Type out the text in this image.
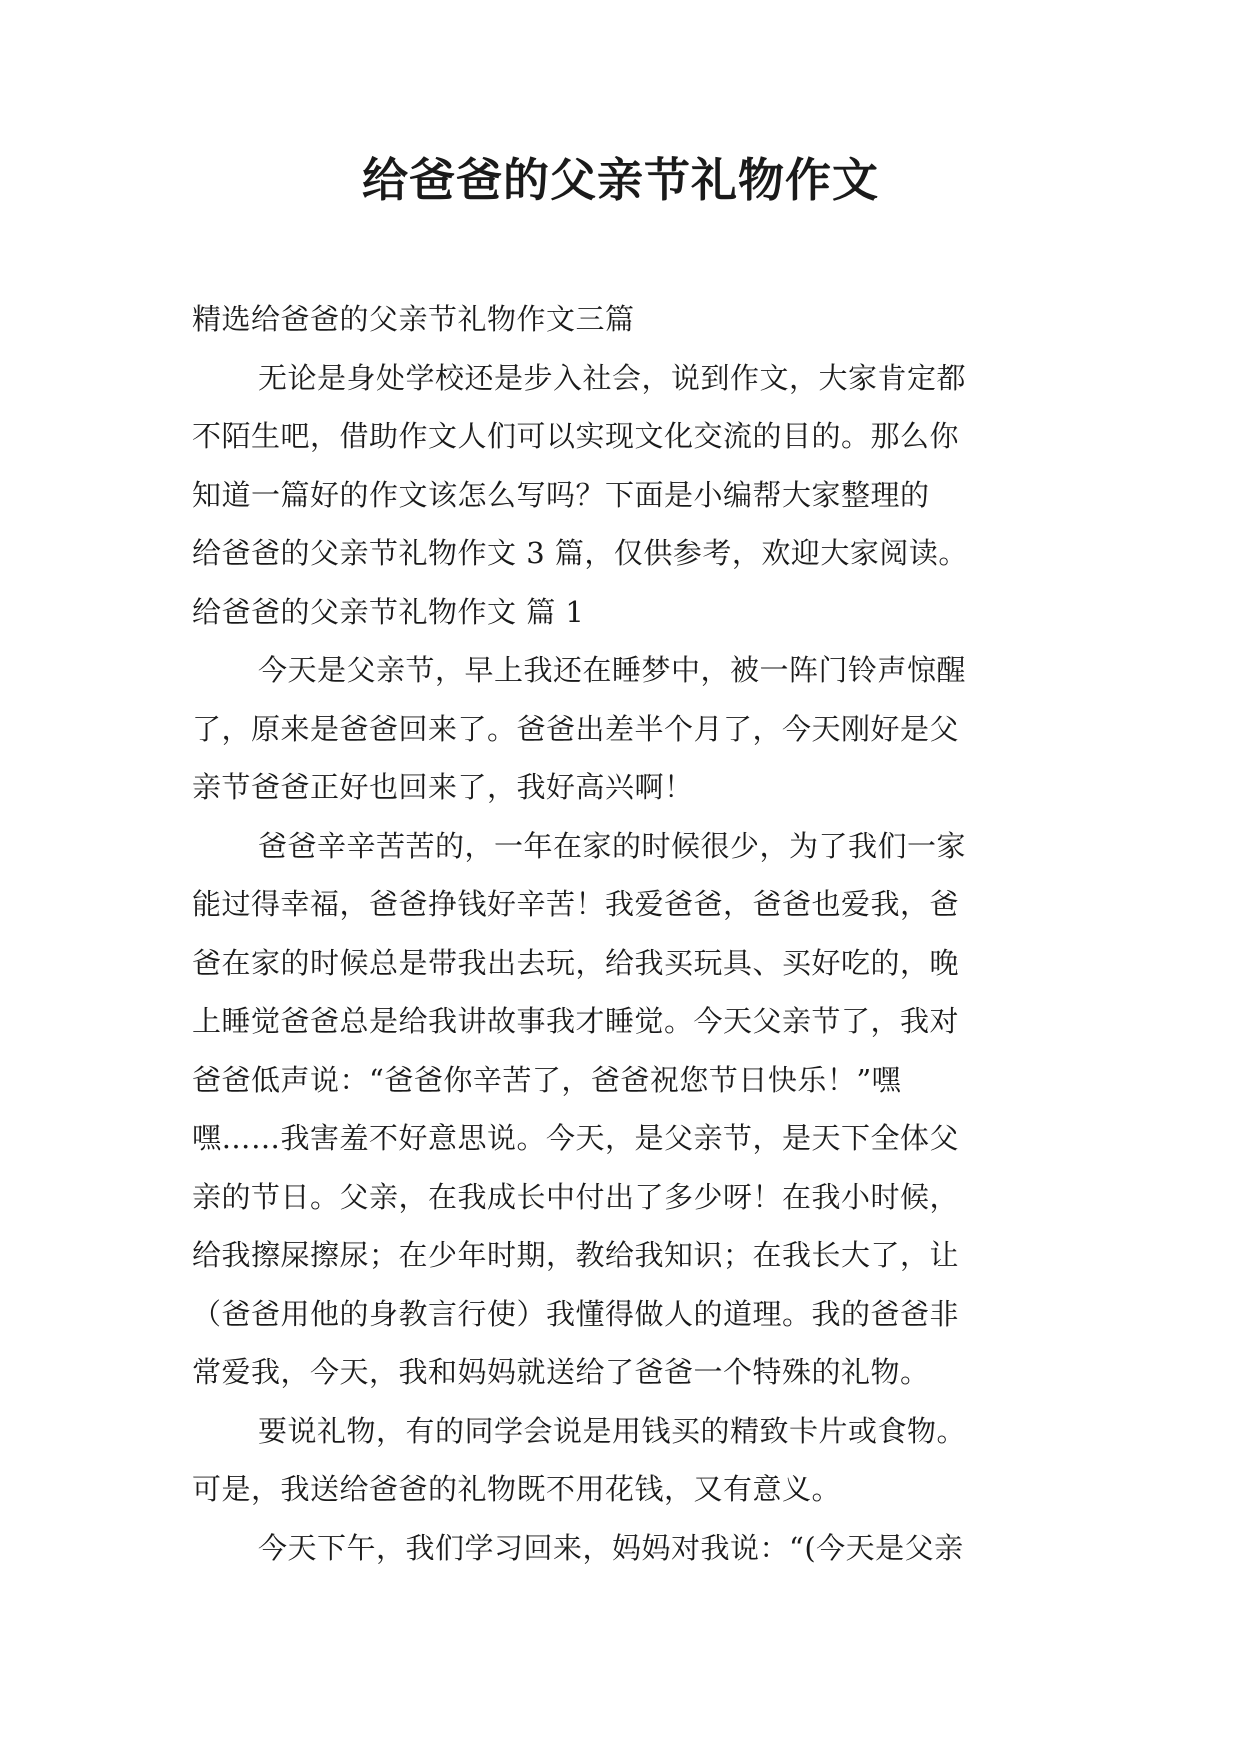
给爸爸的父亲节礼物作文
精选给爸爸的父亲节礼物作文三篇
无论是身处学校还是步入社会，说到作文，大家肯定都
不陌生吧，借助作文人们可以实现文化交流的目的。那么你
知道一篇好的作文该怎么写吗？下面是小编帮大家整理的
给爸爸的父亲节礼物作文 3 篇，仅供参考，欢迎大家阅读。
给爸爸的父亲节礼物作文 篇 1
今天是父亲节，早上我还在睡梦中，被一阵门铃声惊醒
了，原来是爸爸回来了。爸爸出差半个月了，今天刚好是父
亲节爸爸正好也回来了，我好高兴啊！
爸爸辛辛苦苦的，一年在家的时候很少，为了我们一家
能过得幸福，爸爸挣钱好辛苦！我爱爸爸，爸爸也爱我，爸
爸在家的时候总是带我出去玩，给我买玩具、买好吃的，晚
上睡觉爸爸总是给我讲故事我才睡觉。今天父亲节了，我对
爸爸低声说：“爸爸你辛苦了，爸爸祝您节日快乐！”嘿
嘿……我害羞不好意思说。今天，是父亲节，是天下全体父
亲的节日。父亲，在我成长中付出了多少呀！在我小时候，
给我擦屎擦尿；在少年时期，教给我知识；在我长大了，让
（爸爸用他的身教言行使）我懂得做人的道理。我的爸爸非
常爱我，今天，我和妈妈就送给了爸爸一个特殊的礼物。
要说礼物，有的同学会说是用钱买的精致卡片或食物。
可是，我送给爸爸的礼物既不用花钱，又有意义。
今天下午，我们学习回来，妈妈对我说：“(今天是父亲
